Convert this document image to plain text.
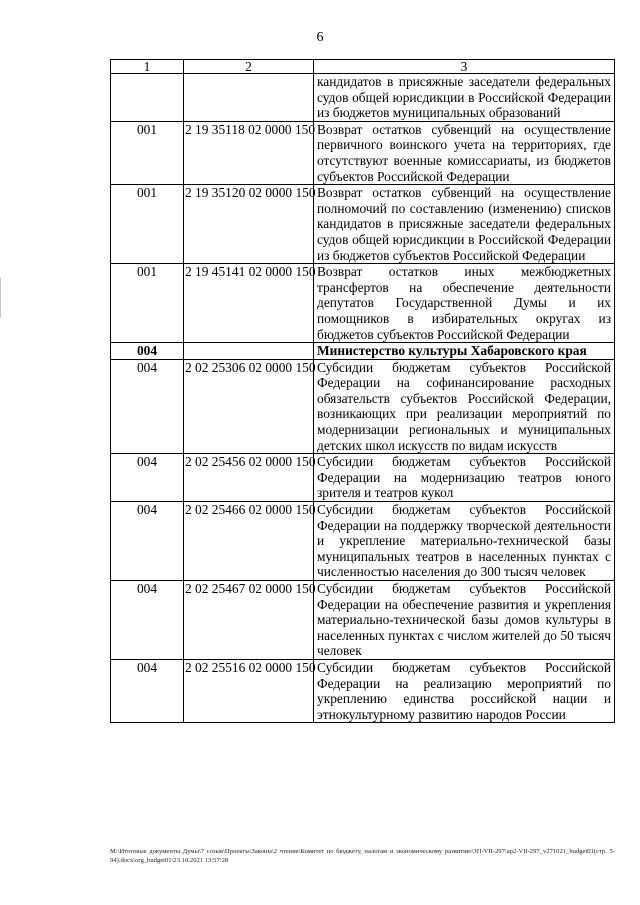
6
1	2	3
		кандидатов в присяжные заседатели федеральных судов общей юрисдикции в Российской Федерации из бюджетов муниципальных образований
001	2 19 35118 02 0000 150	Возврат остатков субвенций на осуществление первичного воинского учета на территориях, где отсутствуют военные комиссариаты, из бюджетов субъектов Российской Федерации
001	2 19 35120 02 0000 150	Возврат остатков субвенций на осуществление полномочий по составлению (изменению) списков кандидатов в присяжные заседатели федеральных судов общей юрисдикции в Российской Федерации из бюджетов субъектов Российской Федерации
001	2 19 45141 02 0000 150	Возврат остатков иных межбюджетных трансфертов на обеспечение деятельности депутатов Государственной Думы и их помощников в избирательных округах из бюджетов субъектов Российской Федерации
004		Министерство культуры Хабаровского края
004	2 02 25306 02 0000 150	Субсидии бюджетам субъектов Российской Федерации на софинансирование расходных обязательств субъектов Российской Федерации, возникающих при реализации мероприятий по модернизации региональных и муниципальных детских школ искусств по видам искусств
004	2 02 25456 02 0000 150	Субсидии бюджетам субъектов Российской Федерации на модернизацию театров юного зрителя и театров кукол
004	2 02 25466 02 0000 150	Субсидии бюджетам субъектов Российской Федерации на поддержку творческой деятельности и укрепление материально-технической базы муниципальных театров в населенных пунктах с численностью населения до 300 тысяч человек
004	2 02 25467 02 0000 150	Субсидии бюджетам субъектов Российской Федерации на обеспечение развития и укрепления материально-технической базы домов культуры в населенных пунктах с числом жителей до 50 тысяч человек
004	2 02 25516 02 0000 150	Субсидии бюджетам субъектов Российской Федерации на реализацию мероприятий по укреплению единства российской нации и этнокультурному развитию народов России
M:\Итоговые документы Думы\7 созыв\Проекты\Законы\2 чтение\Комитет по бюджету, налогам и экономическому развитию\ЗП-VII-297\ар2-VII-297_v271021_budget01(стр. 5-94).docx\org_budget01\23.10.2021 13:57:28
